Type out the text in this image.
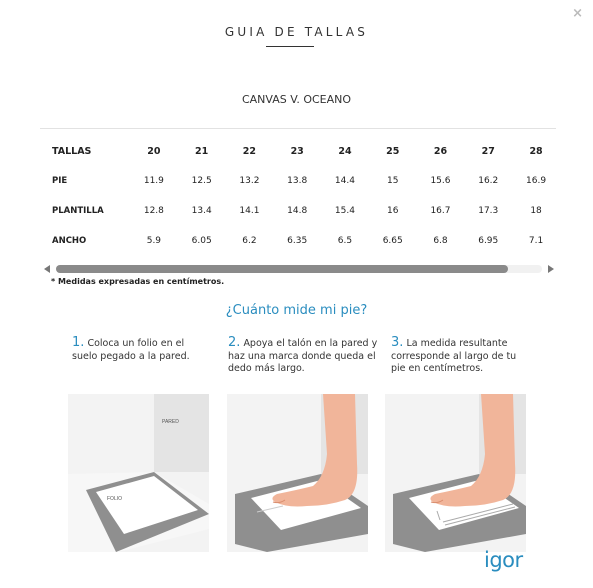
×
GUIA DE TALLAS
CANVAS V. OCEANO
TALLAS	20	21	22	23	24	25	26	27	28
PIE	11.9	12.5	13.2	13.8	14.4	15	15.6	16.2	16.9
PLANTILLA	12.8	13.4	14.1	14.8	15.4	16	16.7	17.3	18
ANCHO	5.9	6.05	6.2	6.35	6.5	6.65	6.8	6.95	7.1
* Medidas expresadas en centímetros.
¿Cuánto mide mi pie?
1. Coloca un folio en el suelo pegado a la pared.
2. Apoya el talón en la pared y haz una marca donde queda el dedo más largo.
3. La medida resultante corresponde al largo de tu pie en centímetros.
PARED
FOLIO
igor
